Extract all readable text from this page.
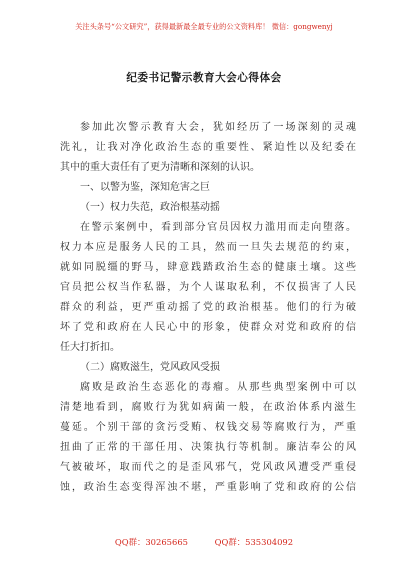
关注头条号“公文研究”，获得最新最全最专业的公文资料库！ 微信：gongwenyj
纪委书记警示教育大会心得体会
参加此次警示教育大会，犹如经历了一场深刻的灵魂
洗礼，让我对净化政治生态的重要性、紧迫性以及纪委在
其中的重大责任有了更为清晰和深刻的认识。
一、以警为鉴，深知危害之巨
（一）权力失范，政治根基动摇
在警示案例中，看到部分官员因权力滥用而走向堕落。
权力本应是服务人民的工具，然而一旦失去规范的约束，
就如同脱缰的野马，肆意践踏政治生态的健康土壤。这些
官员把公权当作私器，为个人谋取私利，不仅损害了人民
群众的利益，更严重动摇了党的政治根基。他们的行为破
坏了党和政府在人民心中的形象，使群众对党和政府的信
任大打折扣。
（二）腐败滋生，党风政风受损
腐败是政治生态恶化的毒瘤。从那些典型案例中可以
清楚地看到，腐败行为犹如病菌一般，在政治体系内滋生
蔓延。个别干部的贪污受贿、权钱交易等腐败行为，严重
扭曲了正常的干部任用、决策执行等机制。廉洁奉公的风
气被破坏，取而代之的是歪风邪气，党风政风遭受严重侵
蚀，政治生态变得浑浊不堪，严重影响了党和政府的公信
QQ群：30265665	QQ群：535304092
